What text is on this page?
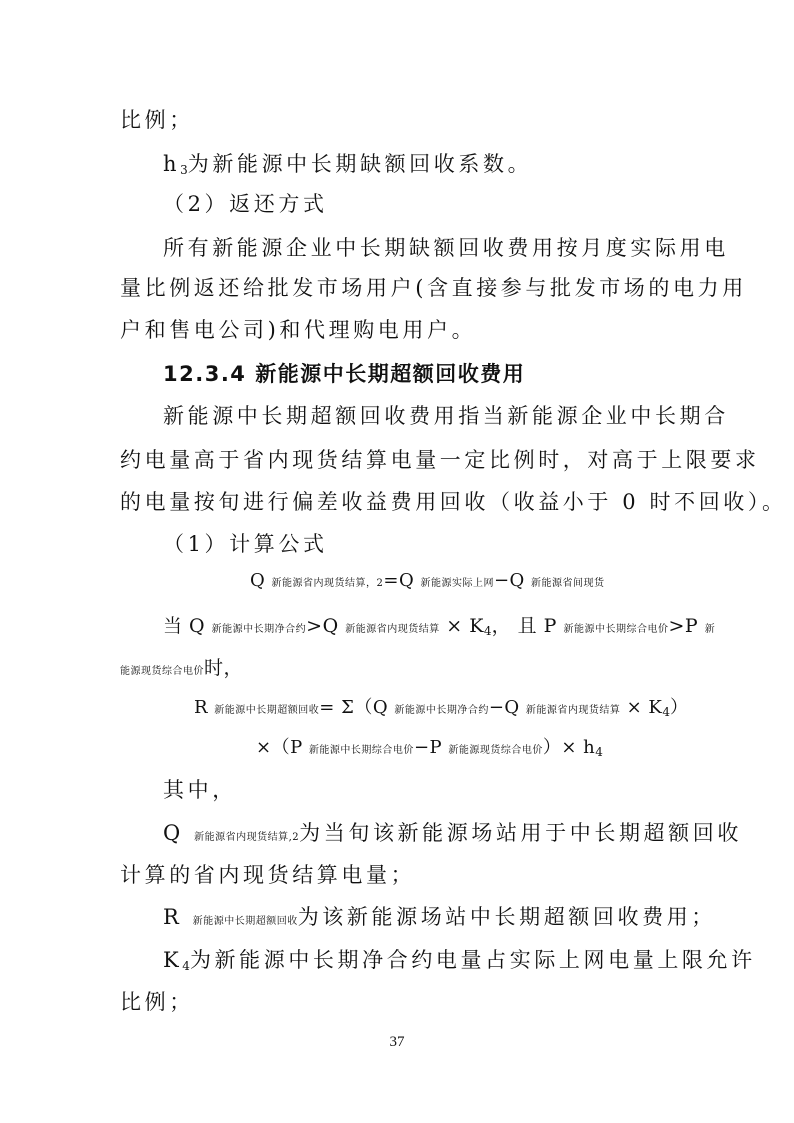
比例；
h3为新能源中长期缺额回收系数。
（2）返还方式
所有新能源企业中长期缺额回收费用按月度实际用电
量比例返还给批发市场用户(含直接参与批发市场的电力用
户和售电公司)和代理购电用户。
12.3.4 新能源中长期超额回收费用
新能源中长期超额回收费用指当新能源企业中长期合
约电量高于省内现货结算电量一定比例时，对高于上限要求
的电量按旬进行偏差收益费用回收（收益小于 0 时不回收）。
（1）计算公式
Q 新能源省内现货结算，2=Q 新能源实际上网−Q 新能源省间现货
当 Q 新能源中长期净合约>Q 新能源省内现货结算 × K4， 且 P 新能源中长期综合电价>P 新
能源现货综合电价时，
R 新能源中长期超额回收= Σ（Q 新能源中长期净合约−Q 新能源省内现货结算 × K4）
×（P 新能源中长期综合电价−P 新能源现货综合电价）× h4
其中，
Q 新能源省内现货结算,2为当旬该新能源场站用于中长期超额回收
计算的省内现货结算电量；
R 新能源中长期超额回收为该新能源场站中长期超额回收费用；
K4为新能源中长期净合约电量占实际上网电量上限允许
比例；
37
